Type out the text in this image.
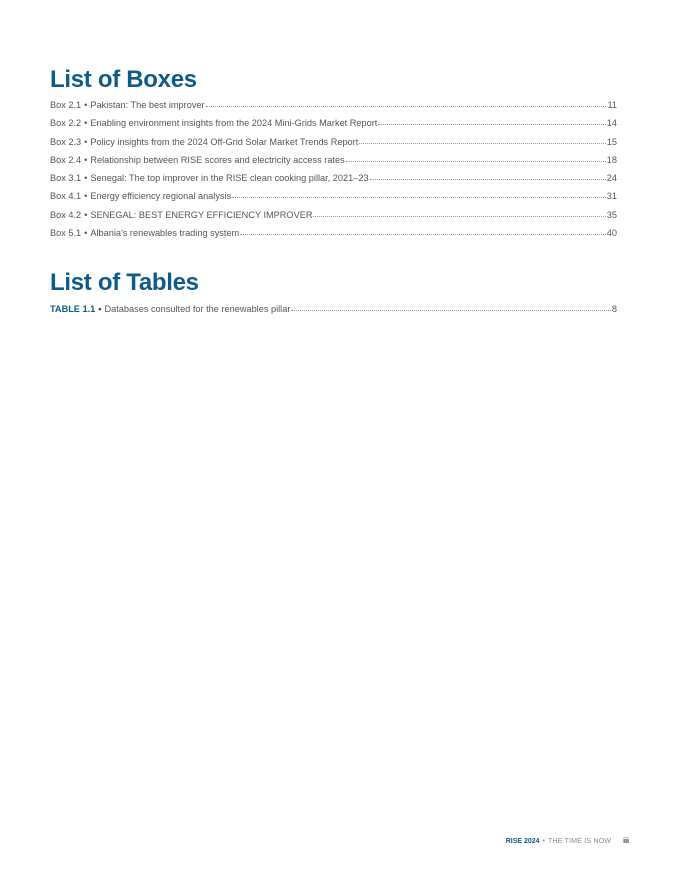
List of Boxes
Box 2.1 • Pakistan: The best improver	11
Box 2.2 • Enabling environment insights from the 2024 Mini-Grids Market Report	14
Box 2.3 • Policy insights from the 2024 Off-Grid Solar Market Trends Report	15
Box 2.4 • Relationship between RISE scores and electricity access rates	18
Box 3.1 • Senegal: The top improver in the RISE clean cooking pillar, 2021–23	24
Box 4.1 • Energy efficiency regional analysis	31
Box 4.2 • SENEGAL: BEST ENERGY EFFICIENCY IMPROVER	35
Box 5.1 • Albania's renewables trading system	40
List of Tables
TABLE 1.1 • Databases consulted for the renewables pillar	8
RISE 2024 • THE TIME IS NOW iii
